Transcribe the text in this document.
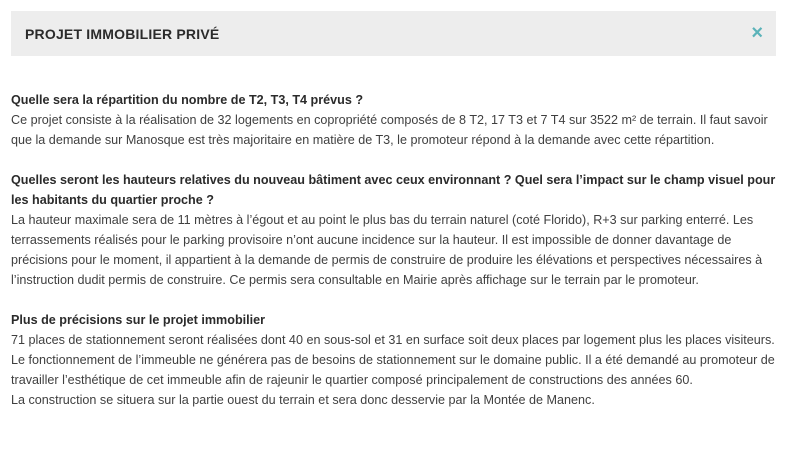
PROJET IMMOBILIER PRIVÉ	×
Quelle sera la répartition du nombre de T2, T3, T4 prévus ?
Ce projet consiste à la réalisation de 32 logements en copropriété composés de 8 T2, 17 T3 et 7 T4 sur 3522 m² de terrain. Il faut savoir que la demande sur Manosque est très majoritaire en matière de T3, le promoteur répond à la demande avec cette répartition.
Quelles seront les hauteurs relatives du nouveau bâtiment avec ceux environnant ? Quel sera l’impact sur le champ visuel pour les habitants du quartier proche ?
La hauteur maximale sera de 11 mètres à l’égout et au point le plus bas du terrain naturel (coté Florido), R+3 sur parking enterré. Les terrassements réalisés pour le parking provisoire n’ont aucune incidence sur la hauteur. Il est impossible de donner davantage de précisions pour le moment, il appartient à la demande de permis de construire de produire les élévations et perspectives nécessaires à l’instruction dudit permis de construire. Ce permis sera consultable en Mairie après affichage sur le terrain par le promoteur.
Plus de précisions sur le projet immobilier
71 places de stationnement seront réalisées dont 40 en sous-sol et 31 en surface soit deux places par logement plus les places visiteurs. Le fonctionnement de l’immeuble ne générera pas de besoins de stationnement sur le domaine public. Il a été demandé au promoteur de travailler l’esthétique de cet immeuble afin de rajeunir le quartier composé principalement de constructions des années 60.
La construction se situera sur la partie ouest du terrain et sera donc desservie par la Montée de Manenc.
